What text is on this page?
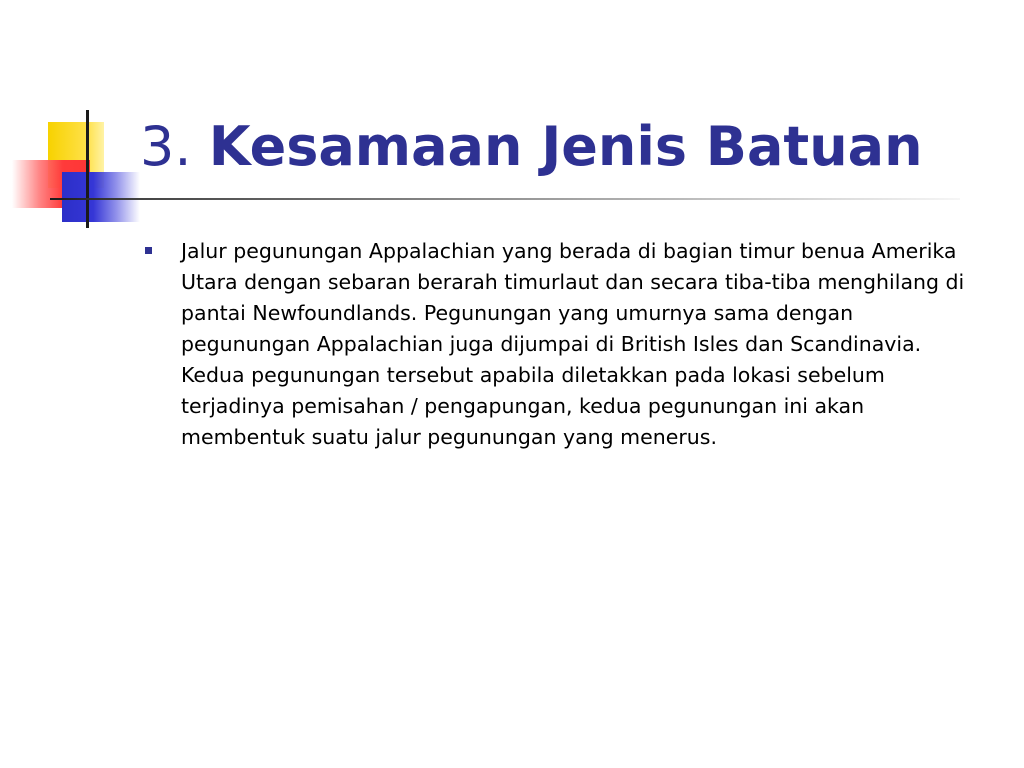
3. Kesamaan Jenis Batuan
Jalur pegunungan Appalachian yang berada di bagian timur benua Amerika Utara dengan sebaran berarah timurlaut dan secara tiba-tiba menghilang di pantai Newfoundlands. Pegunungan yang umurnya sama dengan pegunungan Appalachian juga dijumpai di British Isles dan Scandinavia. Kedua pegunungan tersebut apabila diletakkan pada lokasi sebelum terjadinya pemisahan / pengapungan, kedua pegunungan ini akan membentuk suatu jalur pegunungan yang menerus.
